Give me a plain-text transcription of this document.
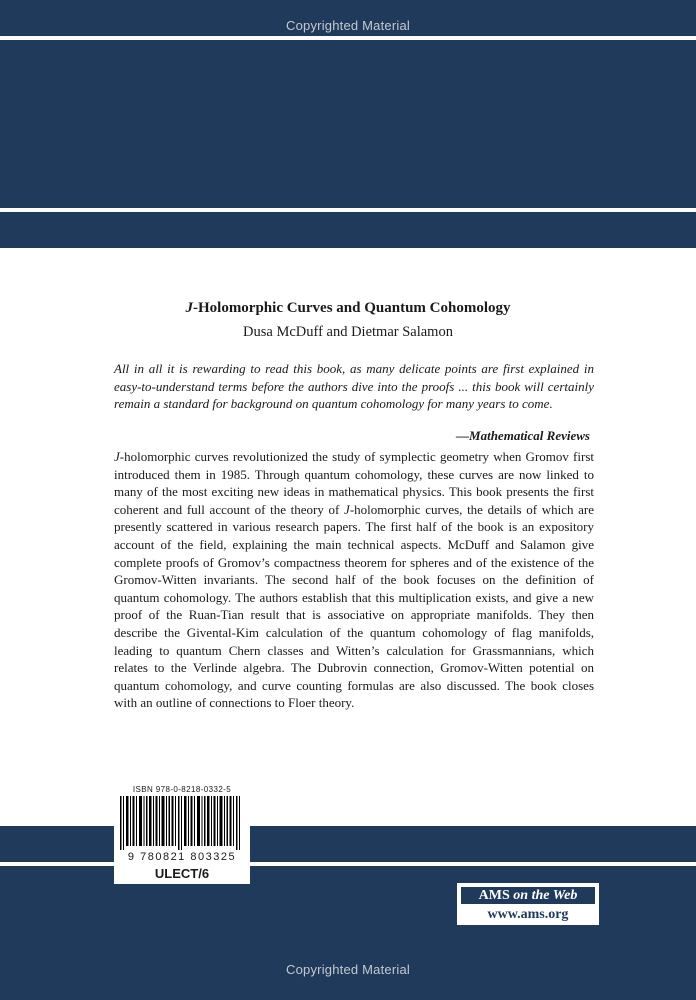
Copyrighted Material
J-Holomorphic Curves and Quantum Cohomology
Dusa McDuff and Dietmar Salamon
All in all it is rewarding to read this book, as many delicate points are first explained in easy-to-understand terms before the authors dive into the proofs ... this book will certainly remain a standard for background on quantum cohomology for many years to come.
—Mathematical Reviews
J-holomorphic curves revolutionized the study of symplectic geometry when Gromov first introduced them in 1985. Through quantum cohomology, these curves are now linked to many of the most exciting new ideas in mathematical physics. This book presents the first coherent and full account of the theory of J-holomorphic curves, the details of which are presently scattered in various research papers. The first half of the book is an expository account of the field, explaining the main technical aspects. McDuff and Salamon give complete proofs of Gromov’s compactness theorem for spheres and of the existence of the Gromov-Witten invariants. The second half of the book focuses on the definition of quantum cohomology. The authors establish that this multiplication exists, and give a new proof of the Ruan-Tian result that is associative on appropriate manifolds. They then describe the Givental-Kim calculation of the quantum cohomology of flag manifolds, leading to quantum Chern classes and Witten’s calculation for Grassmannians, which relates to the Verlinde algebra. The Dubrovin connection, Gromov-Witten potential on quantum cohomology, and curve counting formulas are also discussed. The book closes with an outline of connections to Floer theory.
ISBN 978-0-8218-0332-5
9 780821 803325
ULECT/6
AMS on the Web
www.ams.org
Copyrighted Material
